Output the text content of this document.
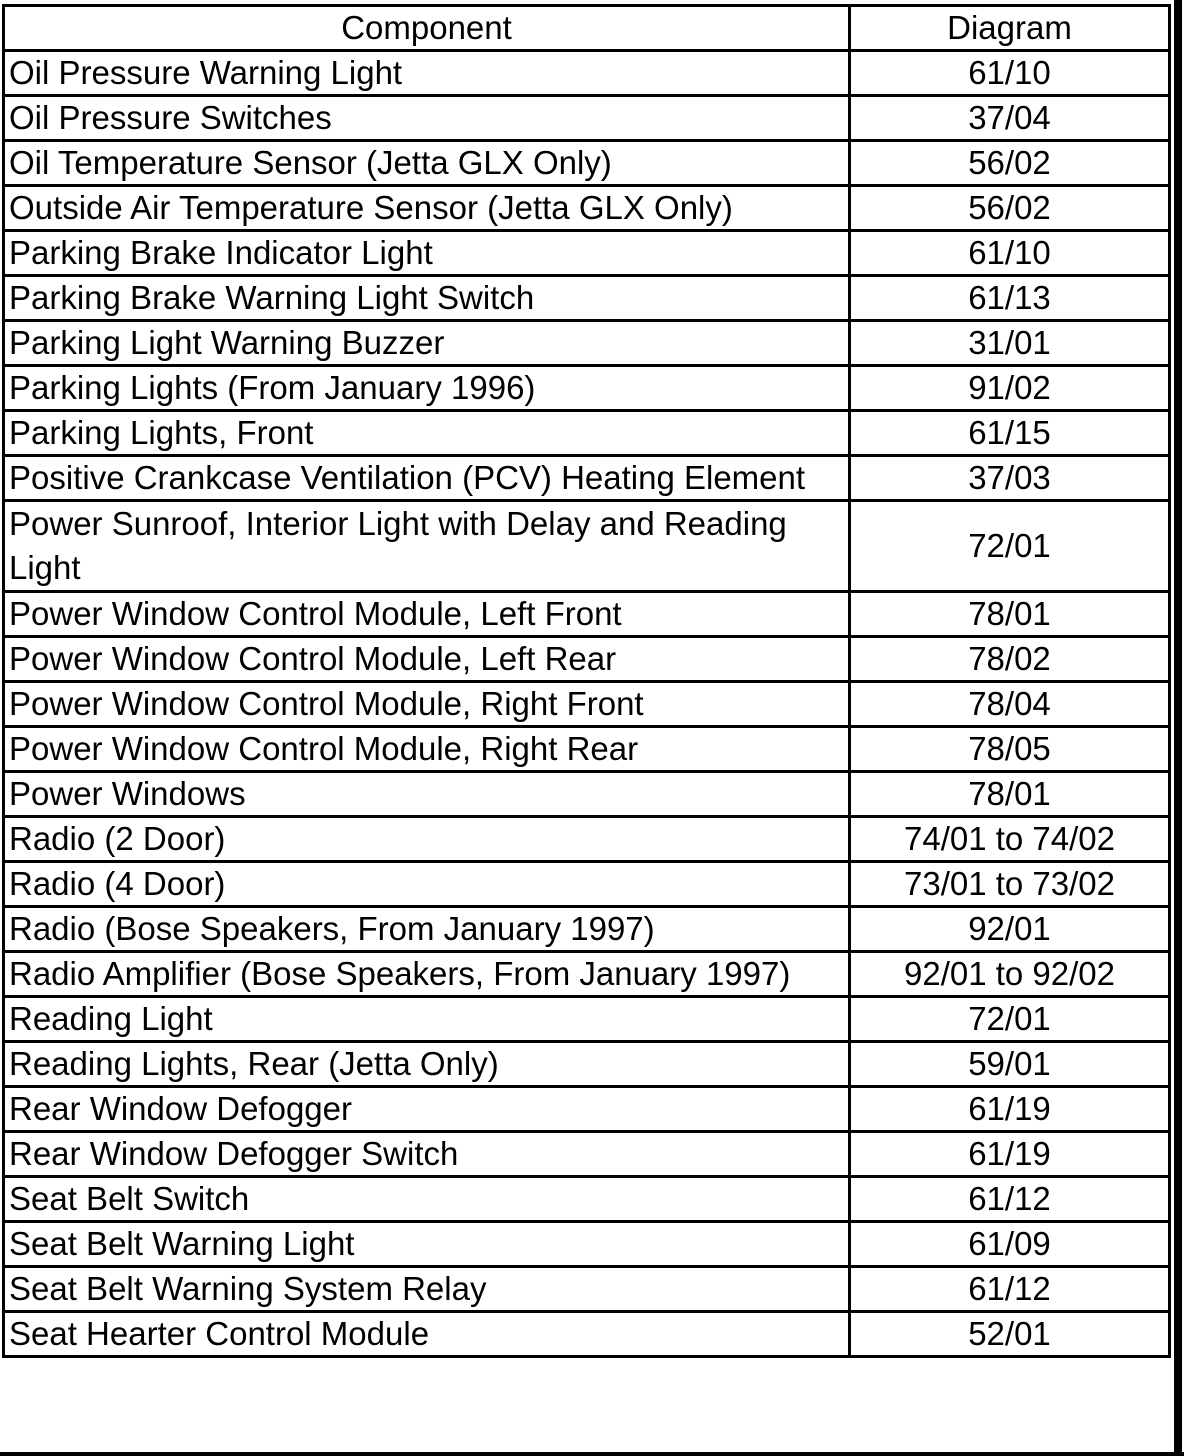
Component	Diagram
Oil Pressure Warning Light	61/10
Oil Pressure Switches	37/04
Oil Temperature Sensor (Jetta GLX Only)	56/02
Outside Air Temperature Sensor (Jetta GLX Only)	56/02
Parking Brake Indicator Light	61/10
Parking Brake Warning Light Switch	61/13
Parking Light Warning Buzzer	31/01
Parking Lights (From January 1996)	91/02
Parking Lights, Front	61/15
Positive Crankcase Ventilation (PCV) Heating Element	37/03
Power Sunroof, Interior Light with Delay and Reading Light	72/01
Power Window Control Module, Left Front	78/01
Power Window Control Module, Left Rear	78/02
Power Window Control Module, Right Front	78/04
Power Window Control Module, Right Rear	78/05
Power Windows	78/01
Radio (2 Door)	74/01 to 74/02
Radio (4 Door)	73/01 to 73/02
Radio (Bose Speakers, From January 1997)	92/01
Radio Amplifier (Bose Speakers, From January 1997)	92/01 to 92/02
Reading Light	72/01
Reading Lights, Rear (Jetta Only)	59/01
Rear Window Defogger	61/19
Rear Window Defogger Switch	61/19
Seat Belt Switch	61/12
Seat Belt Warning Light	61/09
Seat Belt Warning System Relay	61/12
Seat Hearter Control Module	52/01
